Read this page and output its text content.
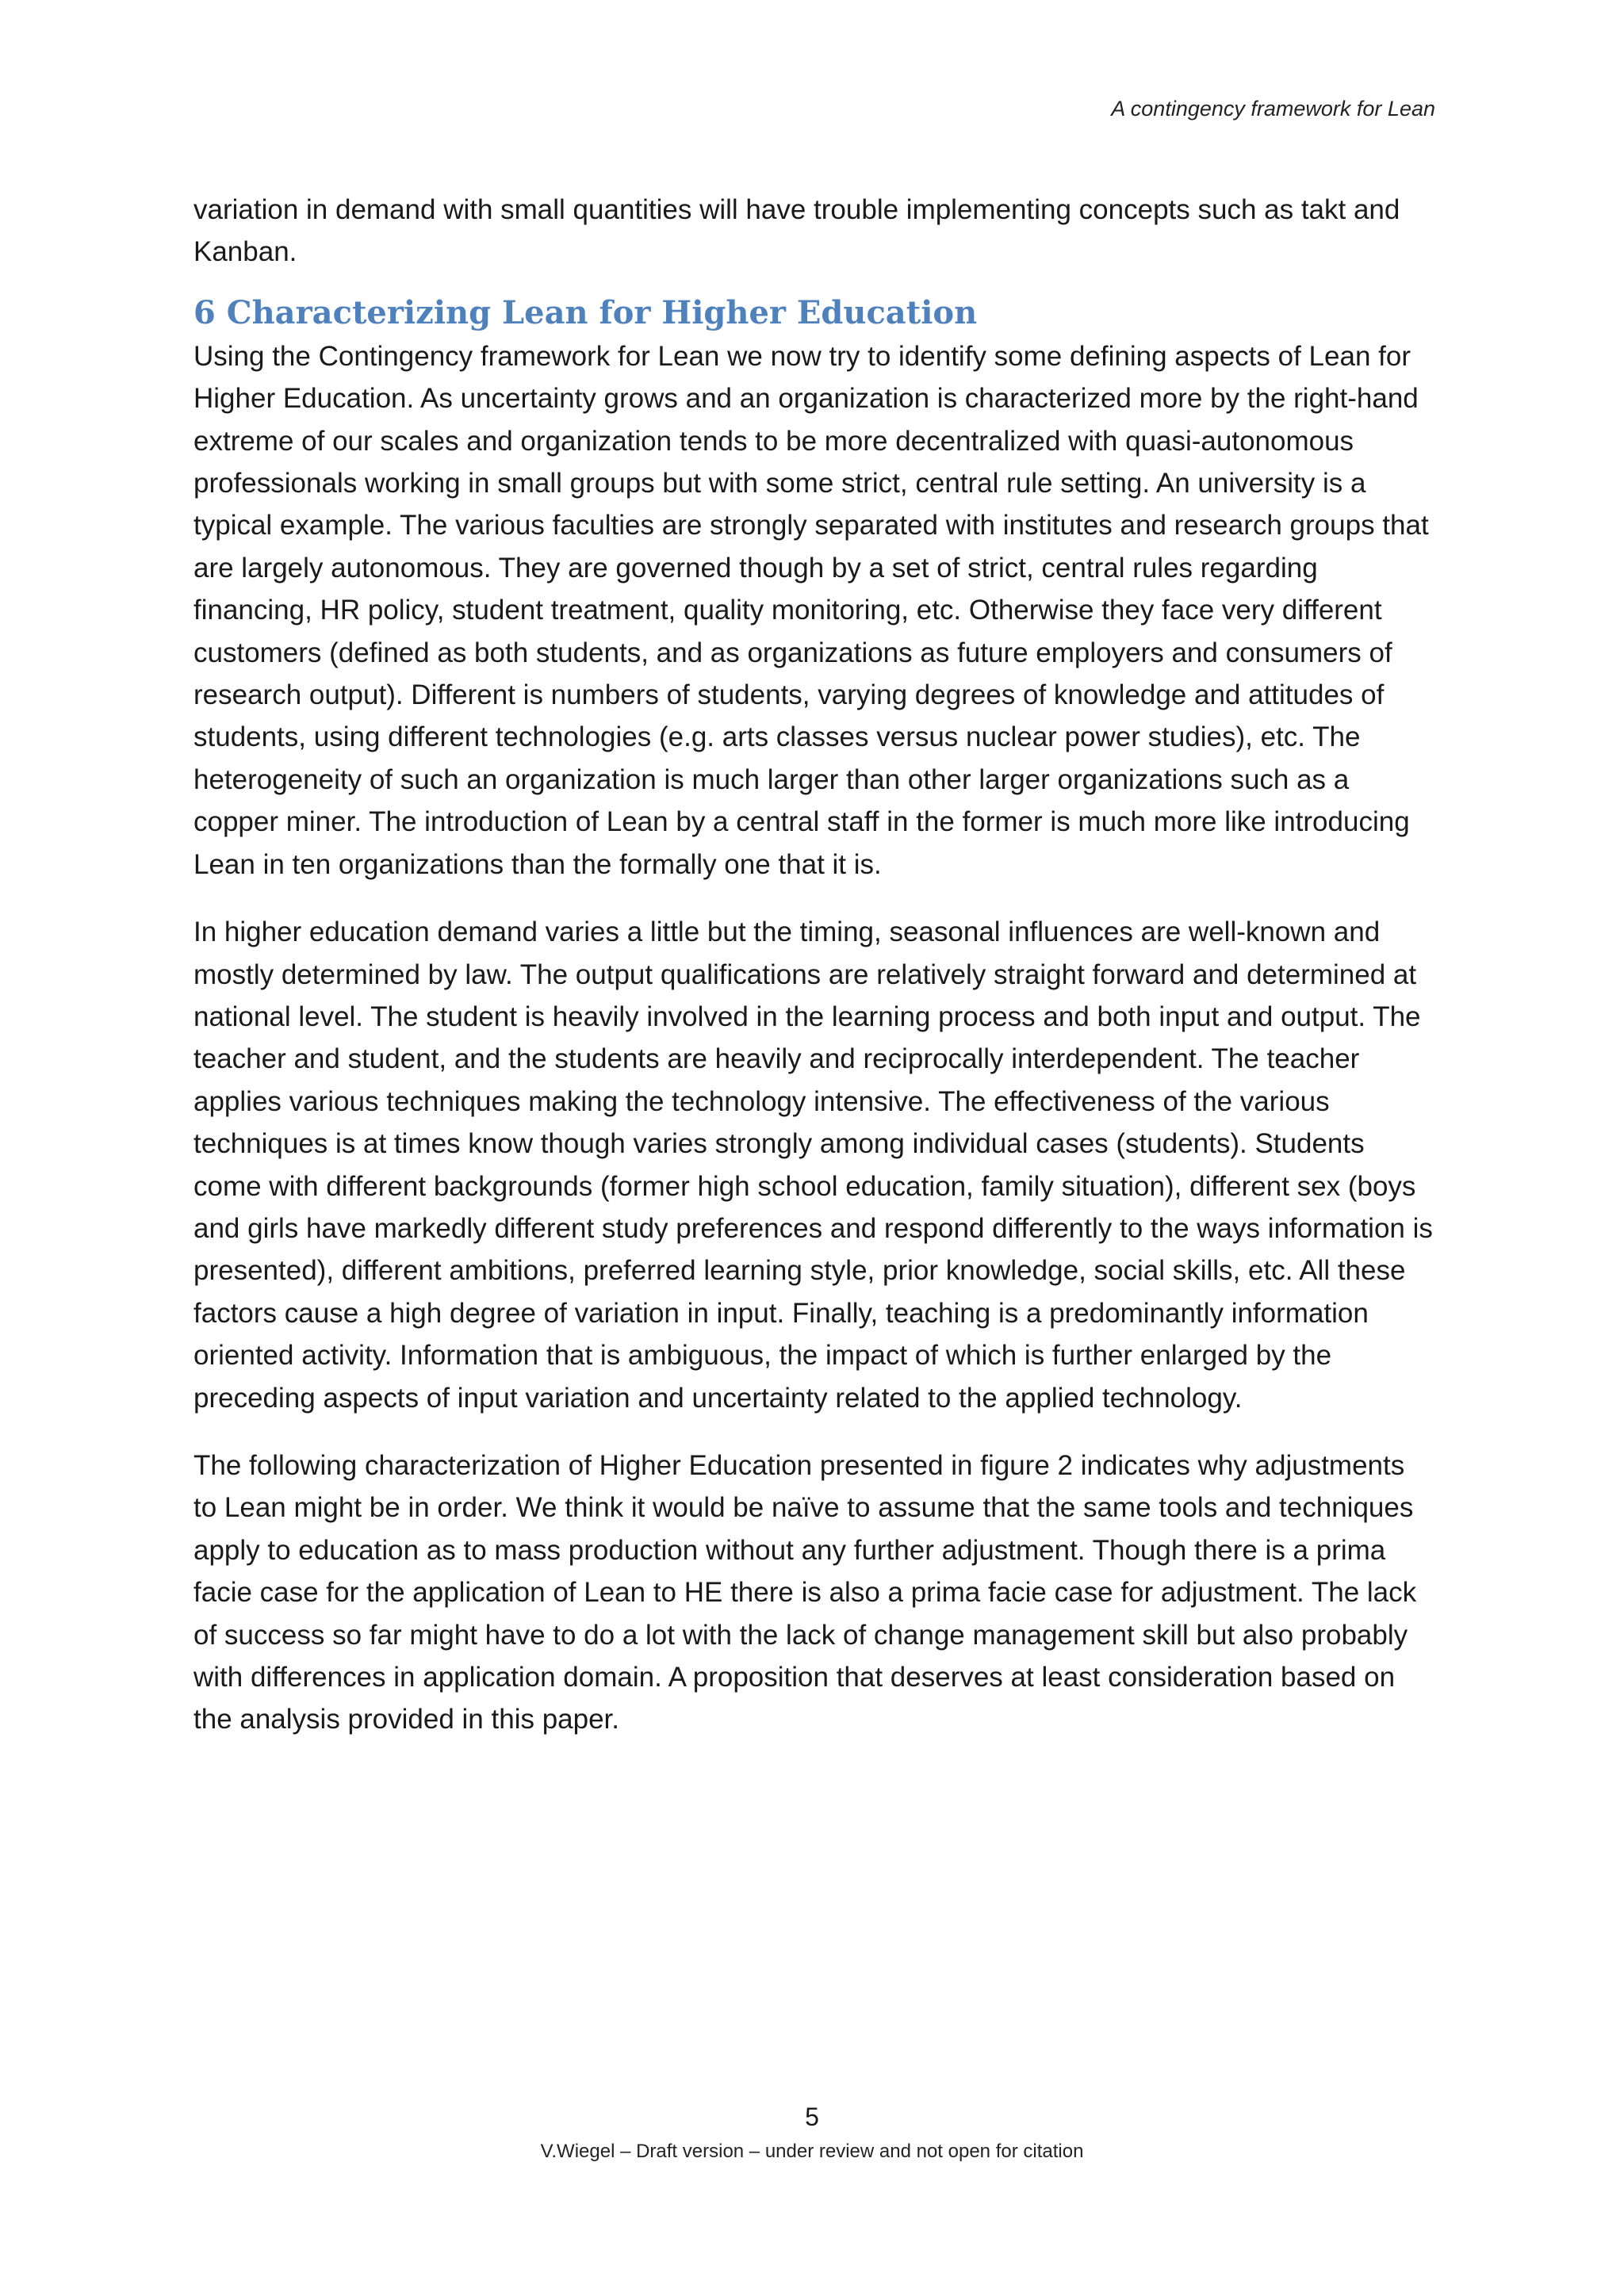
A contingency framework for Lean

variation in demand with small quantities will have trouble implementing concepts such as takt and Kanban.

6 Characterizing Lean for Higher Education

Using the Contingency framework for Lean we now try to identify some defining aspects of Lean for Higher Education. As uncertainty grows and an organization is characterized more by the right-hand extreme of our scales and organization tends to be more decentralized with quasi-autonomous professionals working in small groups but with some strict, central rule setting. An university is a typical example. The various faculties are strongly separated with institutes and research groups that are largely autonomous. They are governed though by a set of strict, central rules regarding financing, HR policy, student treatment, quality monitoring, etc. Otherwise they face very different customers (defined as both students, and as organizations as future employers and consumers of research output). Different is numbers of students, varying degrees of knowledge and attitudes of students, using different technologies (e.g. arts classes versus nuclear power studies), etc. The heterogeneity of such an organization is much larger than other larger organizations such as a copper miner. The introduction of Lean by a central staff in the former is much more like introducing Lean in ten organizations than the formally one that it is.

In higher education demand varies a little but the timing, seasonal influences are well-known and mostly determined by law. The output qualifications are relatively straight forward and determined at national level. The student is heavily involved in the learning process and both input and output. The teacher and student, and the students are heavily and reciprocally interdependent. The teacher applies various techniques making the technology intensive. The effectiveness of the various techniques is at times know though varies strongly among individual cases (students). Students come with different backgrounds (former high school education, family situation), different sex (boys and girls have markedly different study preferences and respond differently to the ways information is presented), different ambitions, preferred learning style, prior knowledge, social skills, etc. All these factors cause a high degree of variation in input. Finally, teaching is a predominantly information oriented activity. Information that is ambiguous, the impact of which is further enlarged by the preceding aspects of input variation and uncertainty related to the applied technology.

The following characterization of Higher Education presented in figure 2 indicates why adjustments to Lean might be in order. We think it would be naïve to assume that the same tools and techniques apply to education as to mass production without any further adjustment. Though there is a prima facie case for the application of Lean to HE there is also a prima facie case for adjustment. The lack of success so far might have to do a lot with the lack of change management skill but also probably with differences in application domain. A proposition that deserves at least consideration based on the analysis provided in this paper.

5
V.Wiegel – Draft version – under review and not open for citation
